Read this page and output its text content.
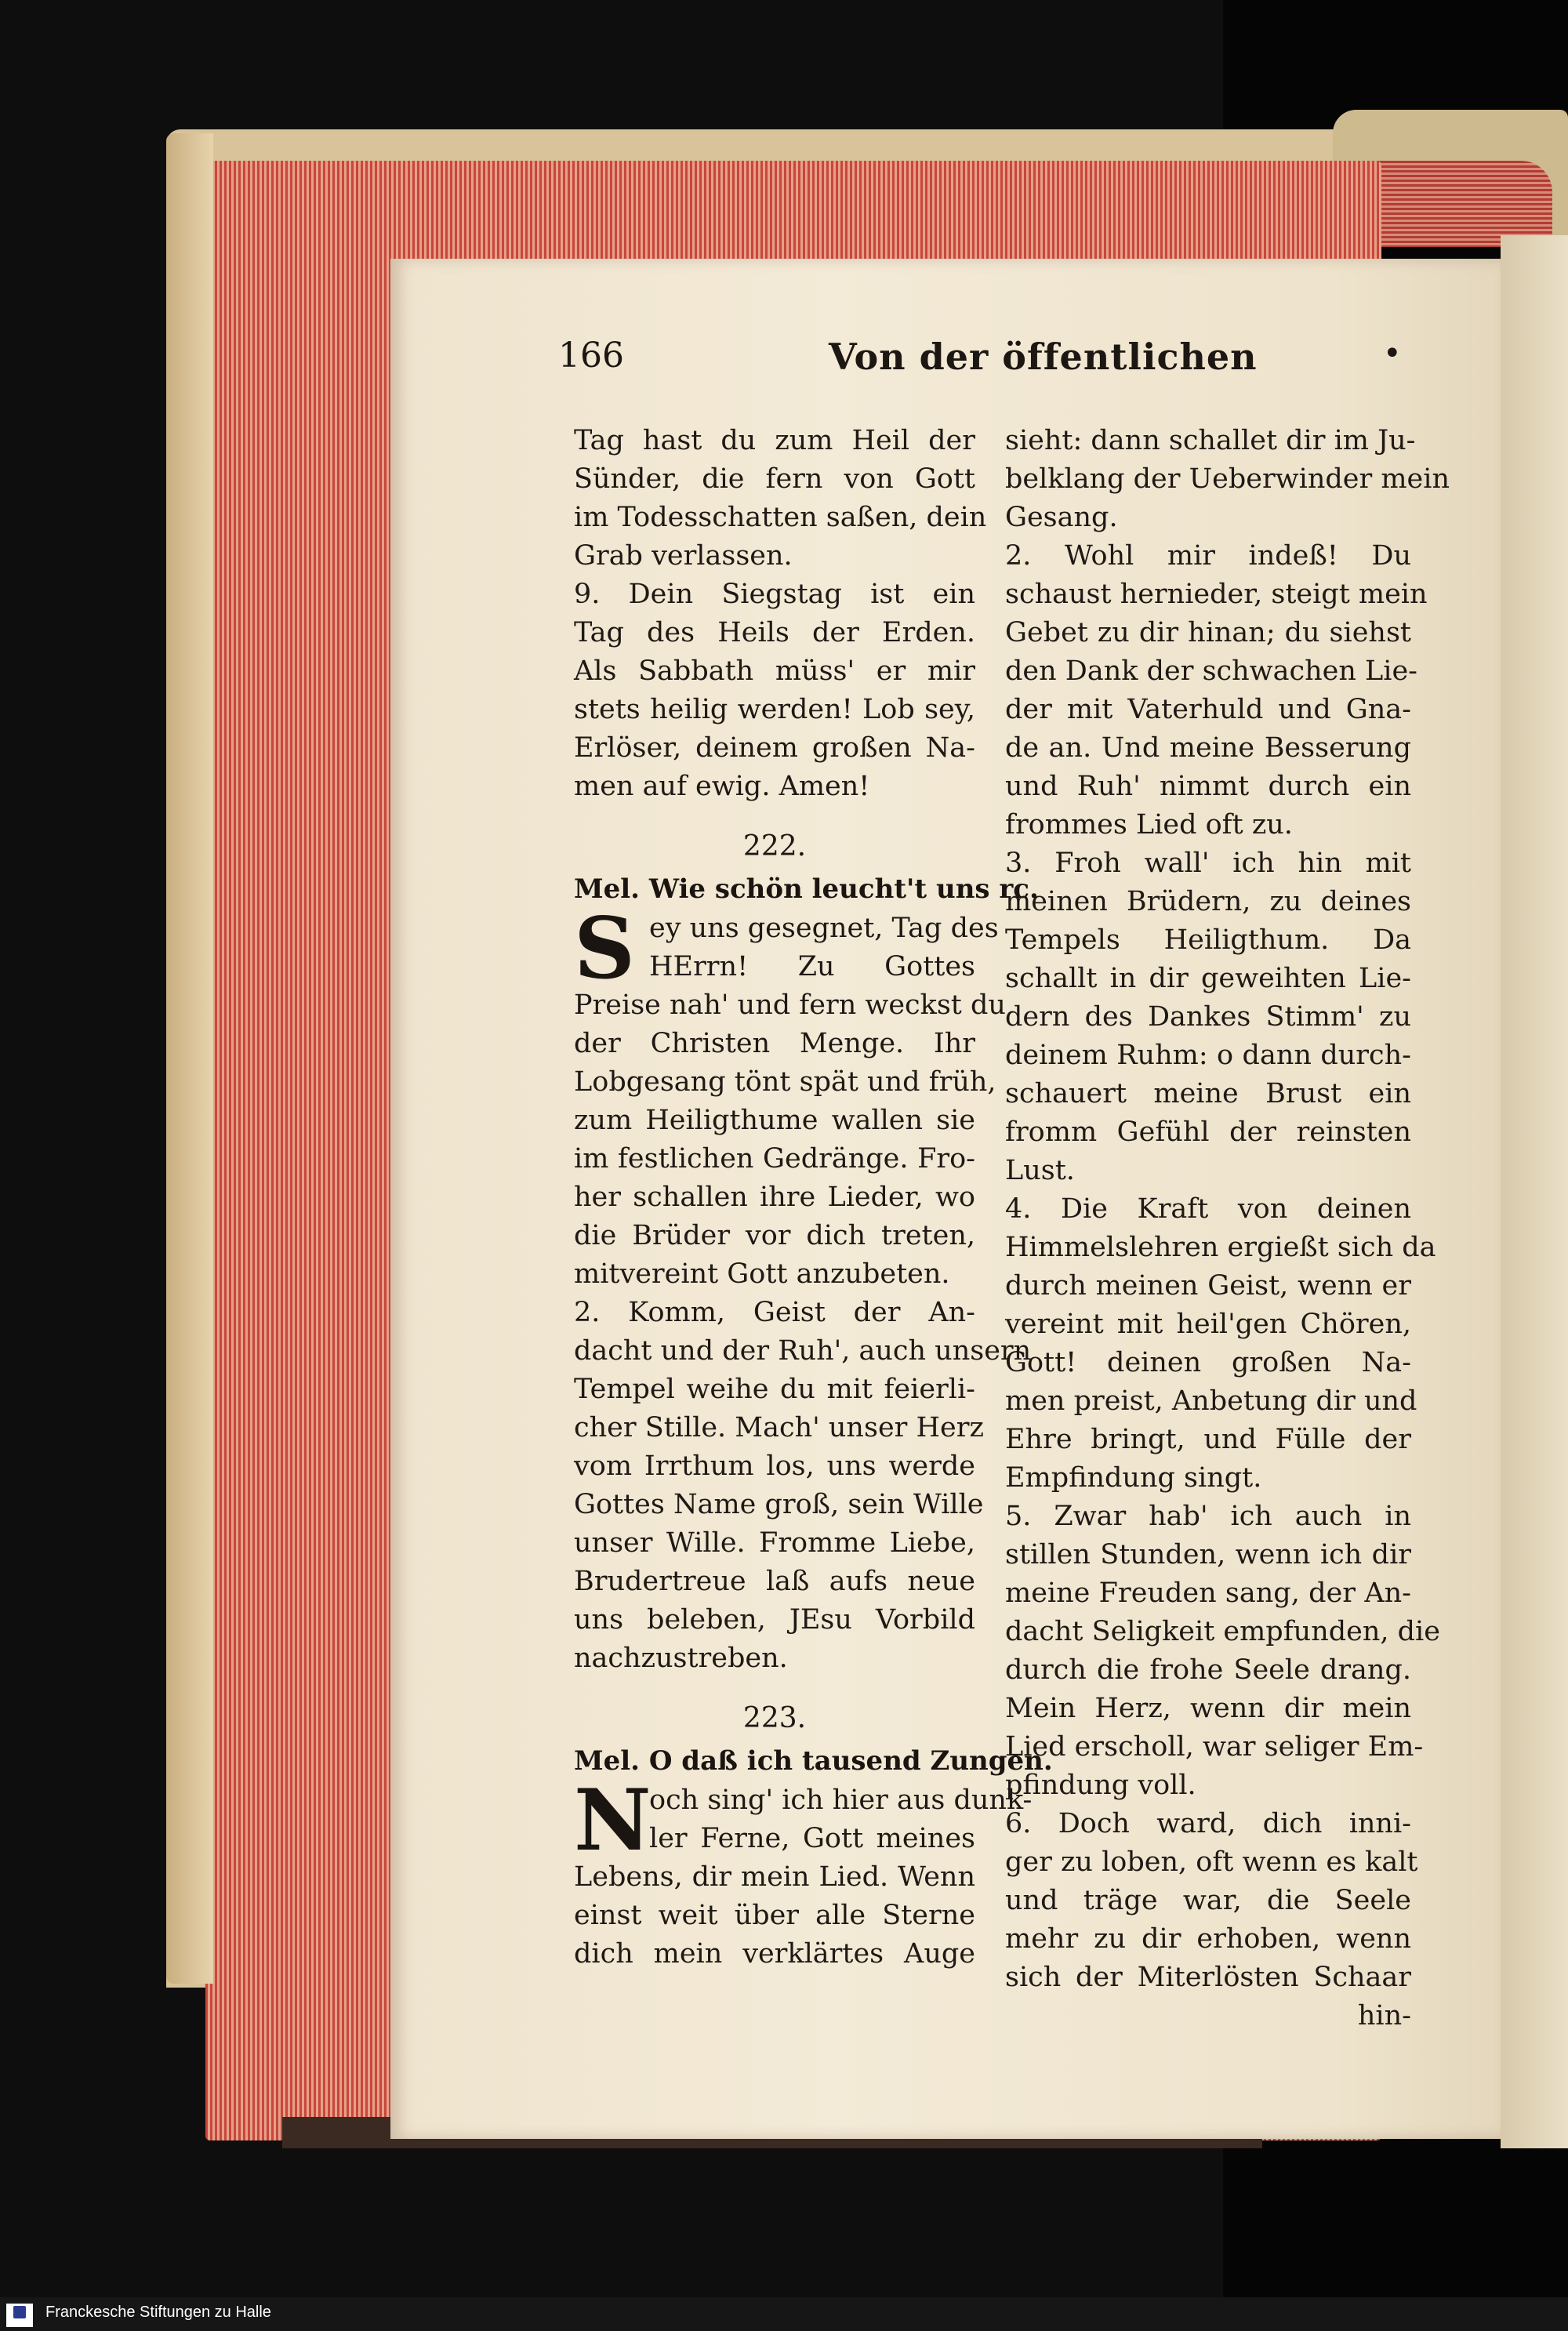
166	Von der öffentlichen	•
Tag hast du zum Heil der
Sünder, die fern von Gott
im Todesschatten saßen, dein
Grab verlassen.
9. Dein Siegstag ist ein
Tag des Heils der Erden.
Als Sabbath müss' er mir
stets heilig werden! Lob sey,
Erlöser, deinem großen Na-
men auf ewig. Amen!
222.
Mel. Wie schön leucht't uns rc.
S ey uns gesegnet, Tag des
HErrn! Zu Gottes
Preise nah' und fern weckst du
der Christen Menge. Ihr
Lobgesang tönt spät und früh,
zum Heiligthume wallen sie
im festlichen Gedränge. Fro-
her schallen ihre Lieder, wo
die Brüder vor dich treten,
mitvereint Gott anzubeten.
2. Komm, Geist der An-
dacht und der Ruh', auch unsern
Tempel weihe du mit feierli-
cher Stille. Mach' unser Herz
vom Irrthum los, uns werde
Gottes Name groß, sein Wille
unser Wille. Fromme Liebe,
Brudertreue laß aufs neue
uns beleben, JEsu Vorbild
nachzustreben.
223.
Mel. O daß ich tausend Zungen.
N
och sing' ich hier aus dunk-
ler Ferne, Gott meines
Lebens, dir mein Lied. Wenn
einst weit über alle Sterne
dich mein verklärtes Auge
sieht: dann schallet dir im Ju-
belklang der Ueberwinder mein
Gesang.
2. Wohl mir indeß! Du
schaust hernieder, steigt mein
Gebet zu dir hinan; du siehst
den Dank der schwachen Lie-
der mit Vaterhuld und Gna-
de an. Und meine Besserung
und Ruh' nimmt durch ein
frommes Lied oft zu.
3. Froh wall' ich hin mit
meinen Brüdern, zu deines
Tempels Heiligthum. Da
schallt in dir geweihten Lie-
dern des Dankes Stimm' zu
deinem Ruhm: o dann durch-
schauert meine Brust ein
fromm Gefühl der reinsten
Lust.
4. Die Kraft von deinen
Himmelslehren ergießt sich da
durch meinen Geist, wenn er
vereint mit heil'gen Chören,
Gott! deinen großen Na-
men preist, Anbetung dir und
Ehre bringt, und Fülle der
Empfindung singt.
5. Zwar hab' ich auch in
stillen Stunden, wenn ich dir
meine Freuden sang, der An-
dacht Seligkeit empfunden, die
durch die frohe Seele drang.
Mein Herz, wenn dir mein
Lied erscholl, war seliger Em-
pfindung voll.
6. Doch ward, dich inni-
ger zu loben, oft wenn es kalt
und träge war, die Seele
mehr zu dir erhoben, wenn
sich der Miterlösten Schaar
hin-
Franckesche Stiftungen zu Halle
